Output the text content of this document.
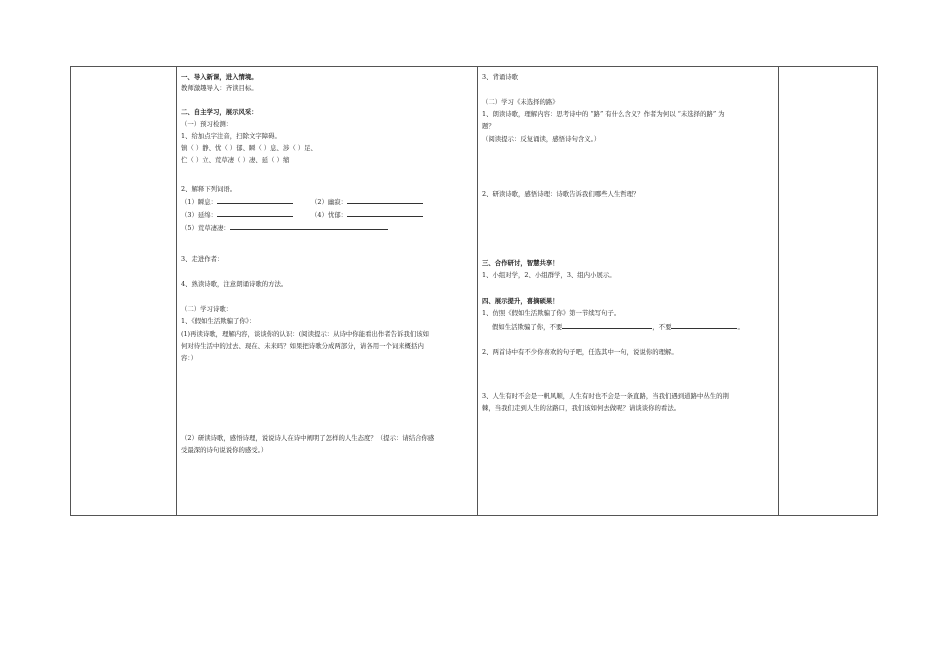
一、导入新课，进入情境。
教师激趣导入：齐读目标。
二、自主学习，展示风采：
（一）预习检测：
1、给加点字注音，扫除文字障碍。
镇（ ）静、忧（ ）郁、瞬（ ）息、涉（ ）足、
伫（ ）立、荒草凄（ ）凄、延（ ）缩
2、解释下列词语。
（1）瞬息：	（2）幽寂：
（3）延绵：	（4）忧郁：
（5）荒草凄凄：
3、走进作者：
4、熟读诗歌，注意朗诵诗歌的方法。
（二）学习诗歌：
1、《假如生活欺骗了你》：
(1)再读诗歌，理解内容，谈谈你的认识：(阅读提示：从诗中你能看出作者告诉我们该如
何对待生活中的过去、现在、未来吗？如果把诗歌分成两部分，请各用一个词来概括内
容：）
（2）研读诗歌，感悟诗理，说说诗人在诗中阐明了怎样的人生态度？（提示：请结合你感
受最深的诗句说说你的感受。）
3、背诵诗歌
（二）学习《未选择的路》
1、朗读诗歌，理解内容：思考诗中的 “路” 有什么含义？作者为何以 “未选择的路” 为
题？
（阅读提示：反复诵读，感悟诗句含义。）
2、研读诗歌，感悟诗理：诗歌告诉我们哪些人生哲理？
三、合作研讨，智慧共享！
1、小组对学，2、小组群学，3、组内小展示。
四、展示提升，喜摘硕果！
1、仿照《假如生活欺骗了你》第一节续写句子。
假如生活欺骗了你，不要	，不要	。
2、两首诗中有不少你喜欢的句子吧，任选其中一句，说说你的理解。
3、人生有时不会是一帆风顺，人生有时也不会是一条直路，当我们遇到道路中丛生的荆
棘，当我们走到人生的岔路口，我们该如何去做呢？请谈谈你的看法。
